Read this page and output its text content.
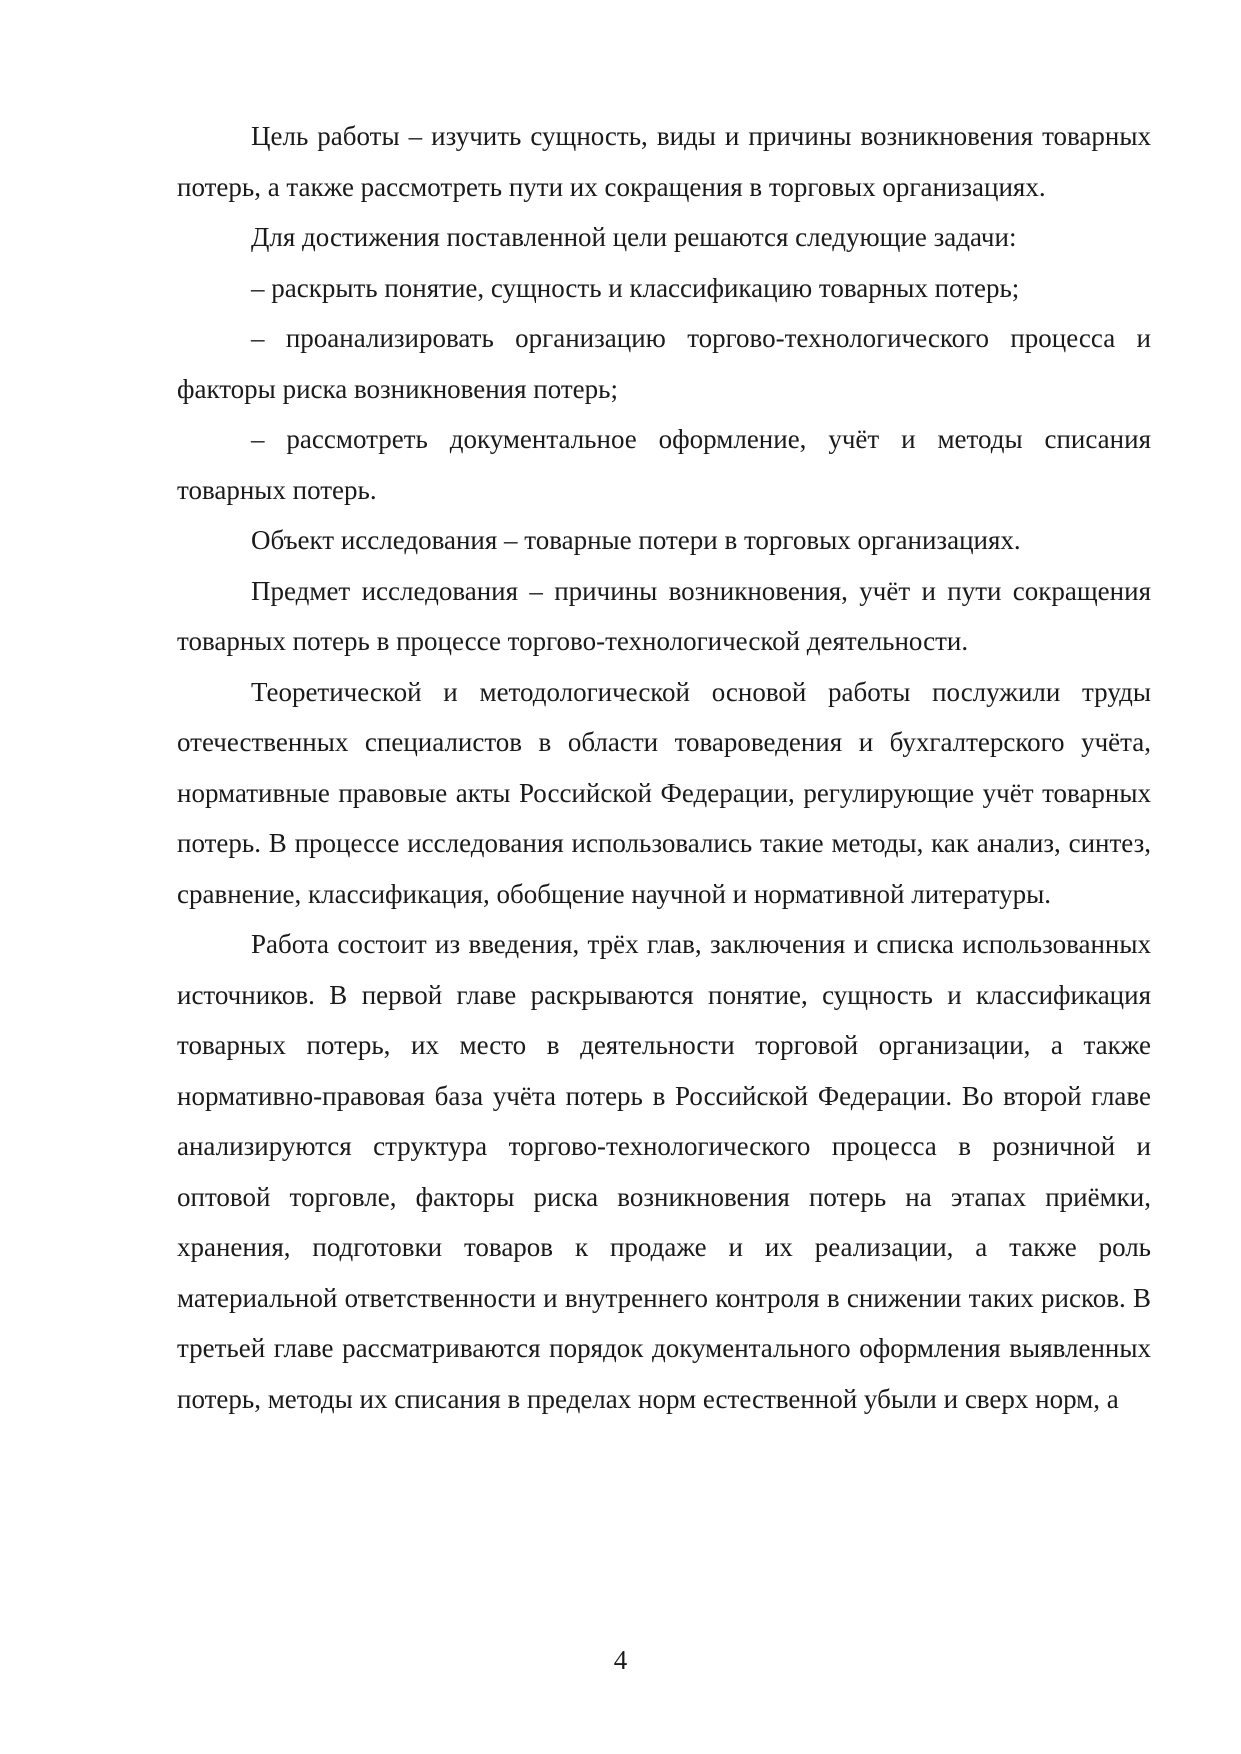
Цель работы – изучить сущность, виды и причины возникновения товарных потерь, а также рассмотреть пути их сокращения в торговых организациях.

Для достижения поставленной цели решаются следующие задачи:

– раскрыть понятие, сущность и классификацию товарных потерь;

– проанализировать организацию торгово-технологического процесса и факторы риска возникновения потерь;

– рассмотреть документальное оформление, учёт и методы списания товарных потерь.

Объект исследования – товарные потери в торговых организациях.

Предмет исследования – причины возникновения, учёт и пути сокращения товарных потерь в процессе торгово-технологической деятельности.

Теоретической и методологической основой работы послужили труды отечественных специалистов в области товароведения и бухгалтерского учёта, нормативные правовые акты Российской Федерации, регулирующие учёт товарных потерь. В процессе исследования использовались такие методы, как анализ, синтез, сравнение, классификация, обобщение научной и нормативной литературы.

Работа состоит из введения, трёх глав, заключения и списка использованных источников. В первой главе раскрываются понятие, сущность и классификация товарных потерь, их место в деятельности торговой организации, а также нормативно-правовая база учёта потерь в Российской Федерации. Во второй главе анализируются структура торгово-технологического процесса в розничной и оптовой торговле, факторы риска возникновения потерь на этапах приёмки, хранения, подготовки товаров к продаже и их реализации, а также роль материальной ответственности и внутреннего контроля в снижении таких рисков. В третьей главе рассматриваются порядок документального оформления выявленных потерь, методы их списания в пределах норм естественной убыли и сверх норм, а

4
